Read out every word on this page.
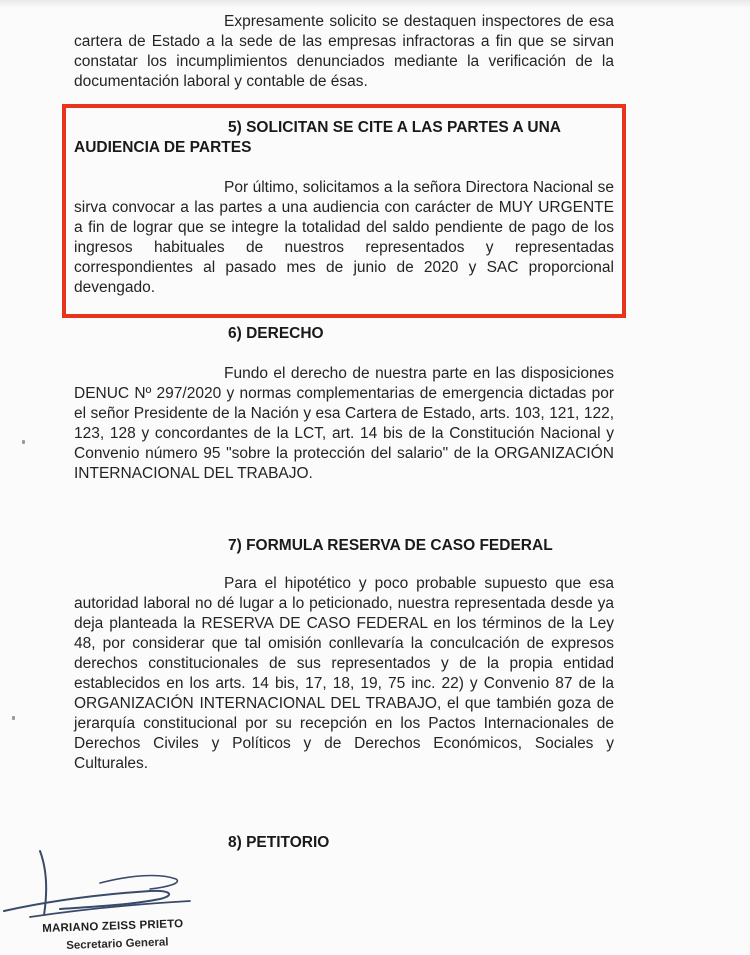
Expresamente solicito se destaquen inspectores de esa cartera de Estado a la sede de las empresas infractoras a fin que se sirvan constatar los incumplimientos denunciados mediante la verificación de la documentación laboral y contable de ésas.

5) SOLICITAN SE CITE A LAS PARTES A UNA

AUDIENCIA DE PARTES

Por último, solicitamos a la señora Directora Nacional se sirva convocar a las partes a una audiencia con carácter de MUY URGENTE a fin de lograr que se integre la totalidad del saldo pendiente de pago de los ingresos habituales de nuestros representados y representadas correspondientes al pasado mes de junio de 2020 y SAC proporcional devengado.

6) DERECHO

Fundo el derecho de nuestra parte en las disposiciones DENUC Nº 297/2020 y normas complementarias de emergencia dictadas por el señor Presidente de la Nación y esa Cartera de Estado, arts. 103, 121, 122, 123, 128 y concordantes de la LCT, art. 14 bis de la Constitución Nacional y Convenio número 95 "sobre la protección del salario" de la ORGANIZACIÓN INTERNACIONAL DEL TRABAJO.

7) FORMULA RESERVA DE CASO FEDERAL

Para el hipotético y poco probable supuesto que esa autoridad laboral no dé lugar a lo peticionado, nuestra representada desde ya deja planteada la RESERVA DE CASO FEDERAL en los términos de la Ley 48, por considerar que tal omisión conllevaría la conculcación de expresos derechos constitucionales de sus representados y de la propia entidad establecidos en los arts. 14 bis, 17, 18, 19, 75 inc. 22) y Convenio 87 de la ORGANIZACIÓN INTERNACIONAL DEL TRABAJO, el que también goza de jerarquía constitucional por su recepción en los Pactos Internacionales de Derechos Civiles y Políticos y de Derechos Económicos, Sociales y Culturales.

8) PETITORIO

MARIANO ZEISS PRIETO
Secretario General
